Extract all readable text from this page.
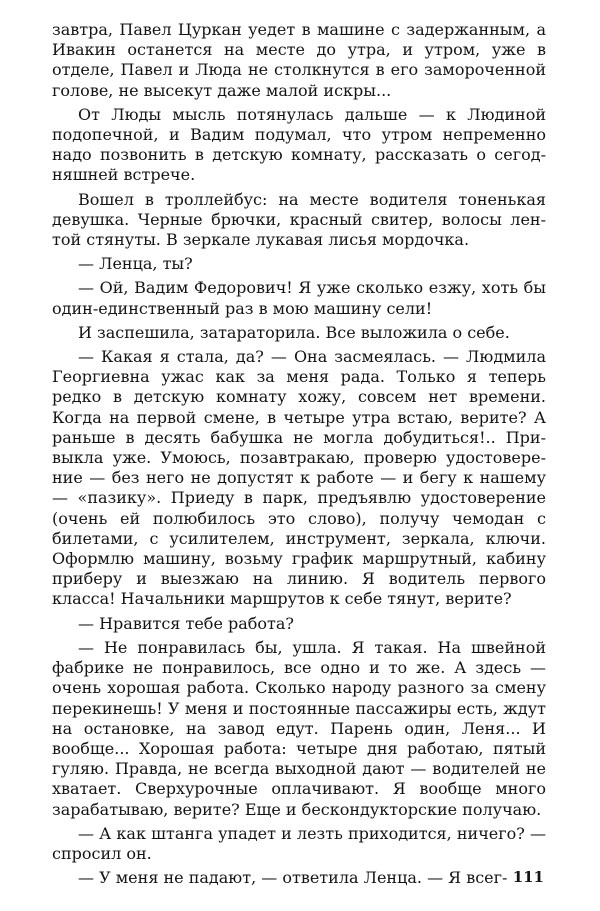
завтра, Павел Цуркан уедет в машине с задержанным, а Ивакин останется на месте до утра, и утром, уже в отделе, Павел и Люда не столкнутся в его замороченной голове, не высекут даже малой искры...

От Люды мысль потянулась дальше — к Людиной подопечной, и Вадим подумал, что утром непременно надо позвонить в детскую комнату, рассказать о сегодняшней встрече.

Вошел в троллейбус: на месте водителя тоненькая девушка. Черные брючки, красный свитер, волосы лентой стянуты. В зеркале лукавая лисья мордочка.

— Ленца, ты?

— Ой, Вадим Федорович! Я уже сколько езжу, хоть бы один-единственный раз в мою машину сели!

И заспешила, затараторила. Все выложила о себе.

— Какая я стала, да? — Она засмеялась. — Людмила Георгиевна ужас как за меня рада. Только я теперь редко в детскую комнату хожу, совсем нет времени. Когда на первой смене, в четыре утра встаю, верите? А раньше в десять бабушка не могла добудиться!.. Привыкла уже. Умоюсь, позавтракаю, проверю удостоверение — без него не допустят к работе — и бегу к нашему — «пазику». Приеду в парк, предъявлю удостоверение (очень ей полюбилось это слово), получу чемодан с билетами, с усилителем, инструмент, зеркала, ключи. Оформлю машину, возьму график маршрутный, кабину приберу и выезжаю на линию. Я водитель первого класса! Начальники маршрутов к себе тянут, верите?

— Нравится тебе работа?

— Не понравилась бы, ушла. Я такая. На швейной фабрике не понравилось, все одно и то же. А здесь — очень хорошая работа. Сколько народу разного за смену перекинешь! У меня и постоянные пассажиры есть, ждут на остановке, на завод едут. Парень один, Леня... И вообще... Хорошая работа: четыре дня работаю, пятый гуляю. Правда, не всегда выходной дают — водителей не хватает. Сверхурочные оплачивают. Я вообще много зарабатываю, верите? Еще и бескондукторские получаю.

— А как штанга упадет и лезть приходится, ничего? — спросил он.

— У меня не падают, — ответила Ленца. — Я всег- 111
